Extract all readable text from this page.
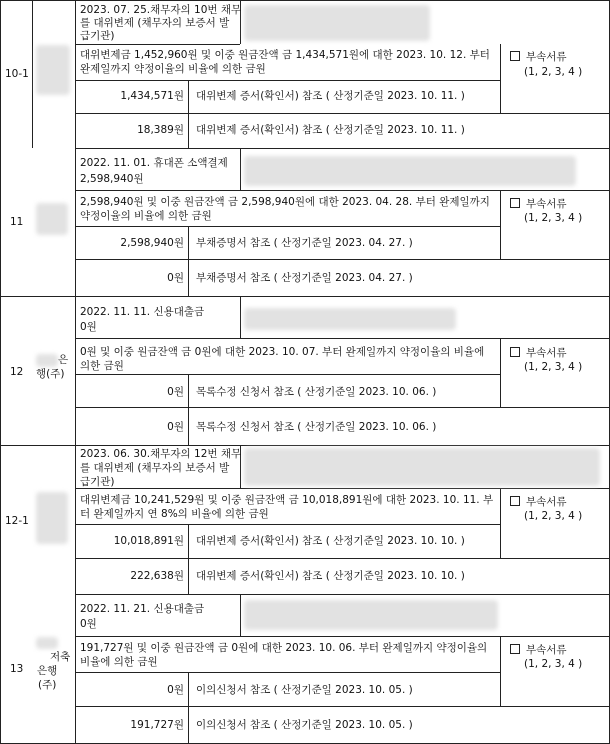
10-1
2023. 07. 25.채무자의 10번 채무
를 대위변제 (채무자의 보증서 발
급기관)
대위변제금 1,452,960원 및 이중 원금잔액 금 1,434,571원에 대한 2023. 10. 12. 부터
완제일까지 약정이율의 비율에 의한 금원
부속서류
(1, 2, 3, 4 )
1,434,571원 대위변제 증서(확인서) 참조 ( 산정기준일 2023. 10. 11. )
18,389원 대위변제 증서(확인서) 참조 ( 산정기준일 2023. 10. 11. )
11
2022. 11. 01. 휴대폰 소액결제
2,598,940원
2,598,940원 및 이중 원금잔액 금 2,598,940원에 대한 2023. 04. 28. 부터 완제일까지
약정이율의 비율에 의한 금원
부속서류
(1, 2, 3, 4 )
2,598,940원 부채증명서 참조 ( 산정기준일 2023. 04. 27. )
0원 부채증명서 참조 ( 산정기준일 2023. 04. 27. )
12
은
행(주)
2022. 11. 11. 신용대출금
0원
0원 및 이중 원금잔액 금 0원에 대한 2023. 10. 07. 부터 완제일까지 약정이율의 비율에
의한 금원
부속서류
(1, 2, 3, 4 )
0원 목록수정 신청서 참조 ( 산정기준일 2023. 10. 06. )
0원 목록수정 신청서 참조 ( 산정기준일 2023. 10. 06. )
12-1
2023. 06. 30.채무자의 12번 채무
를 대위변제 (채무자의 보증서 발
급기관)
대위변제금 10,241,529원 및 이중 원금잔액 금 10,018,891원에 대한 2023. 10. 11. 부
터 완제일까지 연 8%의 비율에 의한 금원
부속서류
(1, 2, 3, 4 )
10,018,891원 대위변제 증서(확인서) 참조 ( 산정기준일 2023. 10. 10. )
222,638원 대위변제 증서(확인서) 참조 ( 산정기준일 2023. 10. 10. )
13
저축
은행
(주)
2022. 11. 21. 신용대출금
0원
191,727원 및 이중 원금잔액 금 0원에 대한 2023. 10. 06. 부터 완제일까지 약정이율의
비율에 의한 금원
부속서류
(1, 2, 3, 4 )
0원 이의신청서 참조 ( 산정기준일 2023. 10. 05. )
191,727원 이의신청서 참조 ( 산정기준일 2023. 10. 05. )
